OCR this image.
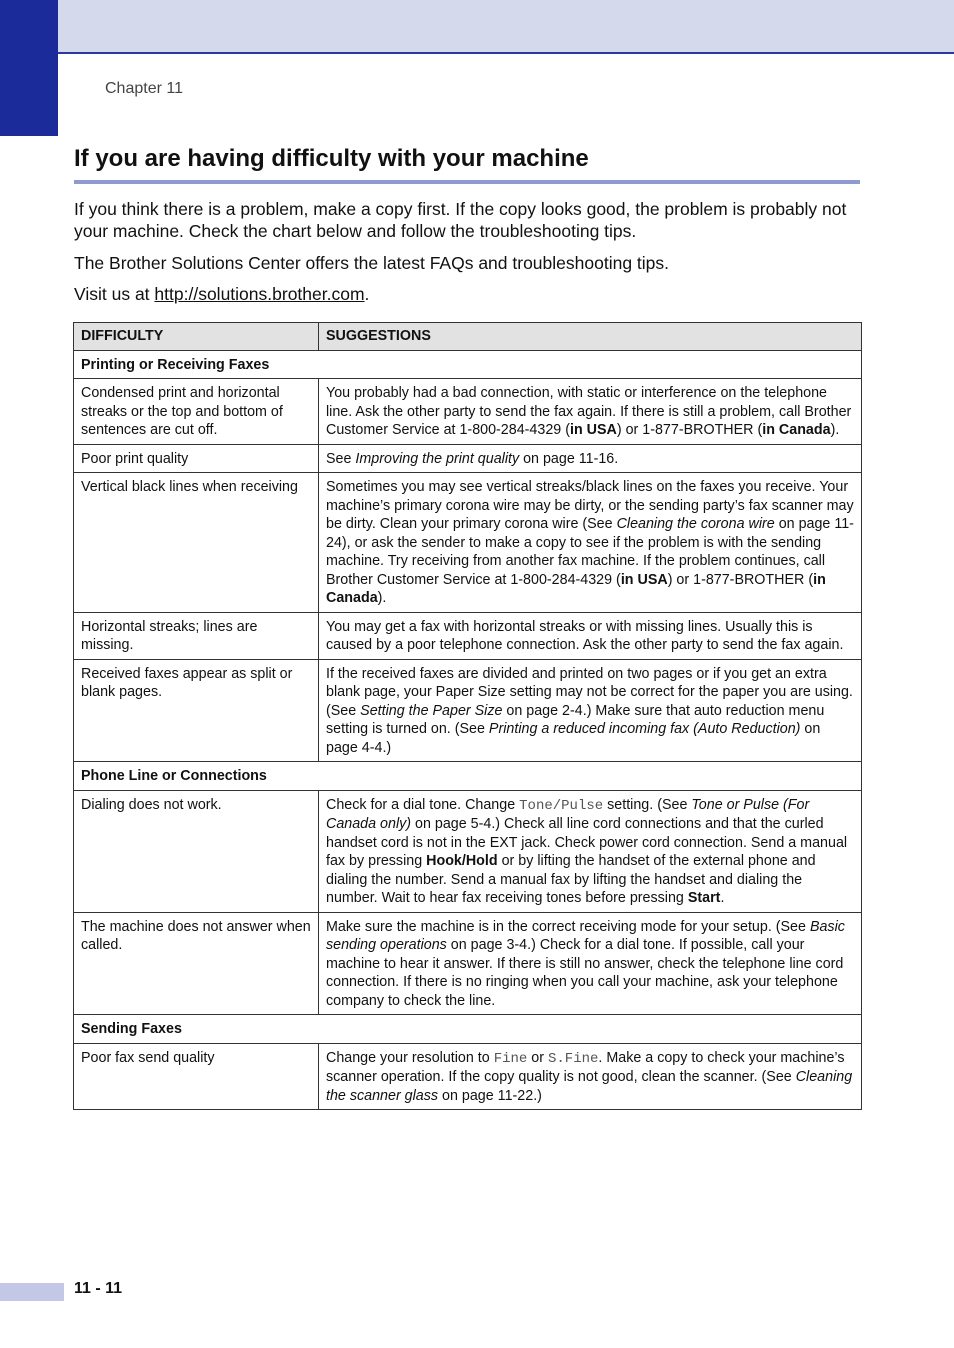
Chapter 11
If you are having difficulty with your machine

If you think there is a problem, make a copy first. If the copy looks good, the problem is probably not your machine. Check the chart below and follow the troubleshooting tips.

The Brother Solutions Center offers the latest FAQs and troubleshooting tips.

Visit us at http://solutions.brother.com.

DIFFICULTY	SUGGESTIONS
Printing or Receiving Faxes	
Condensed print and horizontal streaks or the top and bottom of sentences are cut off.	You probably had a bad connection, with static or interference on the telephone line. Ask the other party to send the fax again. If there is still a problem, call Brother Customer Service at 1-800-284-4329 (in USA) or 1-877-BROTHER (in Canada).
Poor print quality	See Improving the print quality on page 11-16.
Vertical black lines when receiving	Sometimes you may see vertical streaks/black lines on the faxes you receive. Your machine’s primary corona wire may be dirty, or the sending party’s fax scanner may be dirty. Clean your primary corona wire (See Cleaning the corona wire on page 11-24), or ask the sender to make a copy to see if the problem is with the sending machine. Try receiving from another fax machine. If the problem continues, call Brother Customer Service at 1-800-284-4329 (in USA) or 1-877-BROTHER (in Canada).
Horizontal streaks; lines are missing.	You may get a fax with horizontal streaks or with missing lines. Usually this is caused by a poor telephone connection. Ask the other party to send the fax again.
Received faxes appear as split or blank pages.	If the received faxes are divided and printed on two pages or if you get an extra blank page, your Paper Size setting may not be correct for the paper you are using. (See Setting the Paper Size on page 2-4.) Make sure that auto reduction menu setting is turned on. (See Printing a reduced incoming fax (Auto Reduction) on page 4-4.)
Phone Line or Connections	
Dialing does not work.	Check for a dial tone. Change Tone/Pulse setting. (See Tone or Pulse (For Canada only) on page 5-4.) Check all line cord connections and that the curled handset cord is not in the EXT jack. Check power cord connection. Send a manual fax by pressing Hook/Hold or by lifting the handset of the external phone and dialing the number. Send a manual fax by lifting the handset and dialing the number. Wait to hear fax receiving tones before pressing Start.
The machine does not answer when called.	Make sure the machine is in the correct receiving mode for your setup. (See Basic sending operations on page 3-4.) Check for a dial tone. If possible, call your machine to hear it answer. If there is still no answer, check the telephone line cord connection. If there is no ringing when you call your machine, ask your telephone company to check the line.
Sending Faxes	
Poor fax send quality	Change your resolution to Fine or S.Fine. Make a copy to check your machine’s scanner operation. If the copy quality is not good, clean the scanner. (See Cleaning the scanner glass on page 11-22.)
11 - 11
